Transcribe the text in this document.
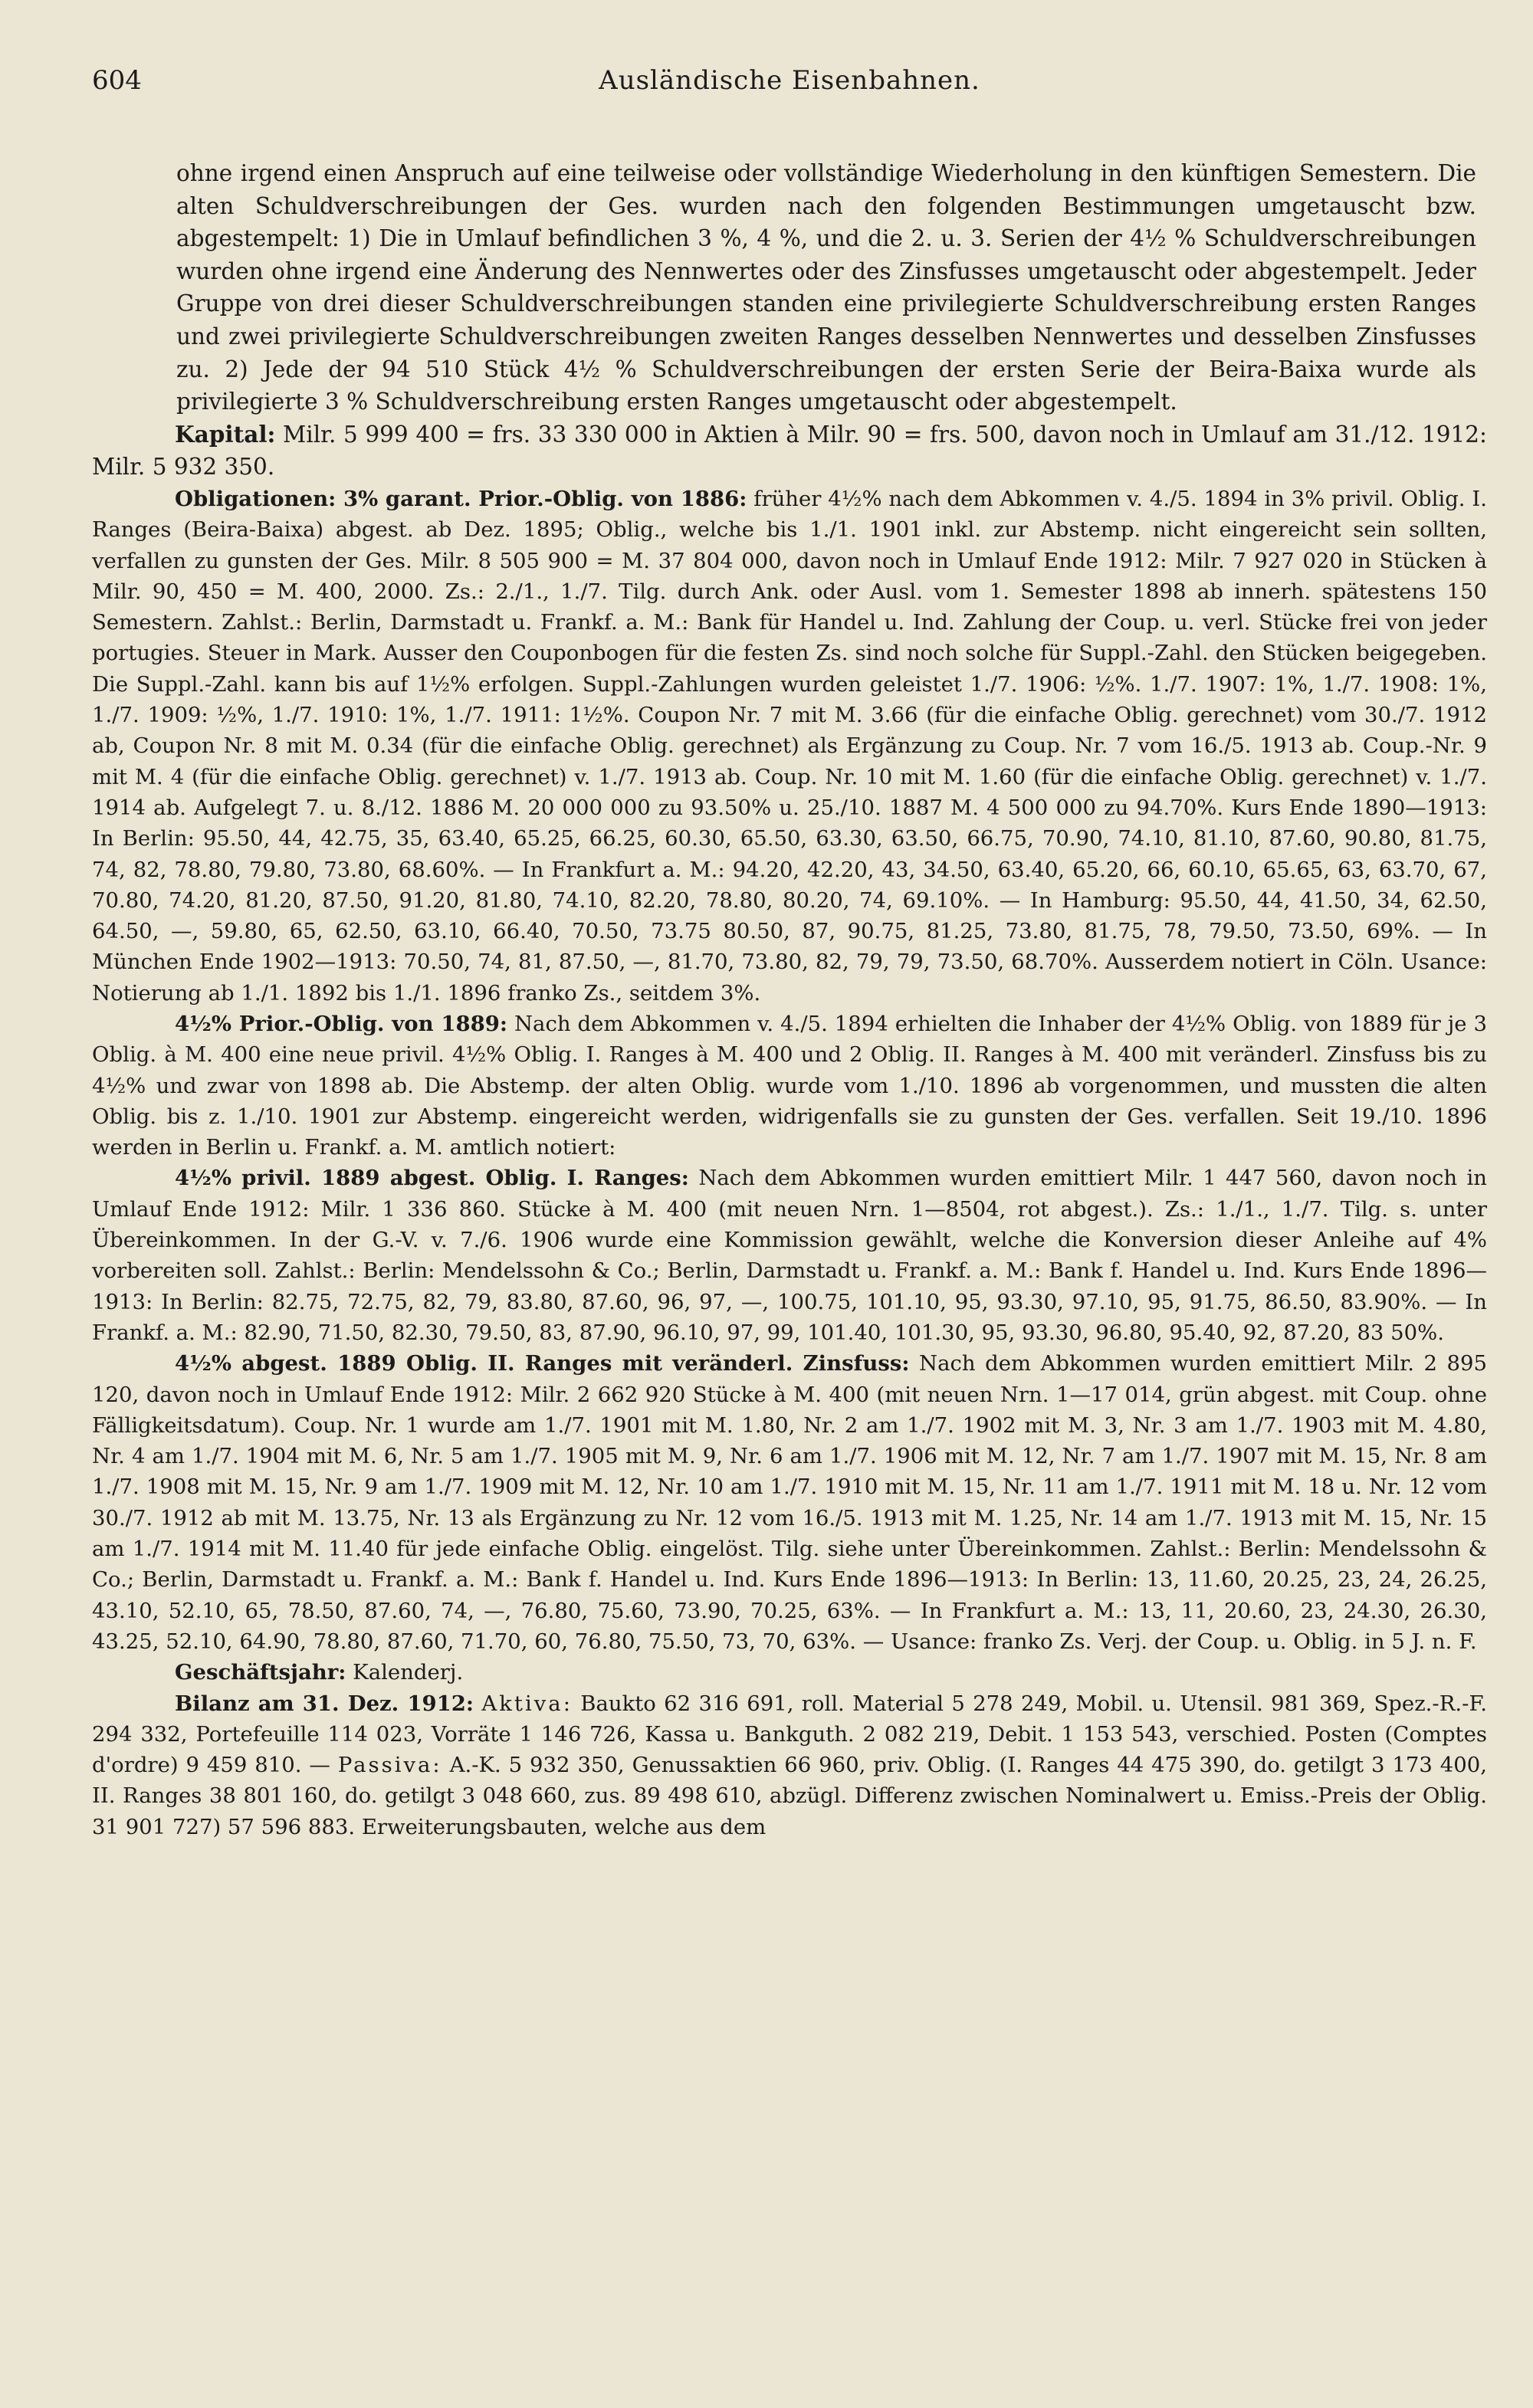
604	Ausländische Eisenbahnen.

ohne irgend einen Anspruch auf eine teilweise oder vollständige Wiederholung in den künftigen Semestern. Die alten Schuldverschreibungen der Ges. wurden nach den folgenden Bestimmungen umgetauscht bzw. abgestempelt: 1) Die in Umlauf befindlichen 3 %, 4 %, und die 2. u. 3. Serien der 4½ % Schuldverschreibungen wurden ohne irgend eine Änderung des Nennwertes oder des Zinsfusses umgetauscht oder abgestempelt. Jeder Gruppe von drei dieser Schuldverschreibungen standen eine privilegierte Schuldverschreibung ersten Ranges und zwei privilegierte Schuldverschreibungen zweiten Ranges desselben Nennwertes und desselben Zinsfusses zu. 2) Jede der 94 510 Stück 4½ % Schuldverschreibungen der ersten Serie der Beira-Baixa wurde als privilegierte 3 % Schuldverschreibung ersten Ranges umgetauscht oder abgestempelt.

Kapital: Milr. 5 999 400 = frs. 33 330 000 in Aktien à Milr. 90 = frs. 500, davon noch in Umlauf am 31./12. 1912: Milr. 5 932 350.

Obligationen: 3% garant. Prior.-Oblig. von 1886: früher 4½% nach dem Abkommen v. 4./5. 1894 in 3% privil. Oblig. I. Ranges (Beira-Baixa) abgest. ab Dez. 1895; Oblig., welche bis 1./1. 1901 inkl. zur Abstemp. nicht eingereicht sein sollten, verfallen zu gunsten der Ges. Milr. 8 505 900 = M. 37 804 000, davon noch in Umlauf Ende 1912: Milr. 7 927 020 in Stücken à Milr. 90, 450 = M. 400, 2000. Zs.: 2./1., 1./7. Tilg. durch Ank. oder Ausl. vom 1. Semester 1898 ab innerh. spätestens 150 Semestern. Zahlst.: Berlin, Darmstadt u. Frankf. a. M.: Bank für Handel u. Ind. Zahlung der Coup. u. verl. Stücke frei von jeder portugies. Steuer in Mark. Ausser den Couponbogen für die festen Zs. sind noch solche für Suppl.-Zahl. den Stücken beigegeben. Die Suppl.-Zahl. kann bis auf 1½% erfolgen. Suppl.-Zahlungen wurden geleistet 1./7. 1906: ½%. 1./7. 1907: 1%, 1./7. 1908: 1%, 1./7. 1909: ½%, 1./7. 1910: 1%, 1./7. 1911: 1½%. Coupon Nr. 7 mit M. 3.66 (für die einfache Oblig. gerechnet) vom 30./7. 1912 ab, Coupon Nr. 8 mit M. 0.34 (für die einfache Oblig. gerechnet) als Ergänzung zu Coup. Nr. 7 vom 16./5. 1913 ab. Coup.-Nr. 9 mit M. 4 (für die einfache Oblig. gerechnet) v. 1./7. 1913 ab. Coup. Nr. 10 mit M. 1.60 (für die einfache Oblig. gerechnet) v. 1./7. 1914 ab. Aufgelegt 7. u. 8./12. 1886 M. 20 000 000 zu 93.50% u. 25./10. 1887 M. 4 500 000 zu 94.70%. Kurs Ende 1890—1913: In Berlin: 95.50, 44, 42.75, 35, 63.40, 65.25, 66.25, 60.30, 65.50, 63.30, 63.50, 66.75, 70.90, 74.10, 81.10, 87.60, 90.80, 81.75, 74, 82, 78.80, 79.80, 73.80, 68.60%. — In Frankfurt a. M.: 94.20, 42.20, 43, 34.50, 63.40, 65.20, 66, 60.10, 65.65, 63, 63.70, 67, 70.80, 74.20, 81.20, 87.50, 91.20, 81.80, 74.10, 82.20, 78.80, 80.20, 74, 69.10%. — In Hamburg: 95.50, 44, 41.50, 34, 62.50, 64.50, —, 59.80, 65, 62.50, 63.10, 66.40, 70.50, 73.75 80.50, 87, 90.75, 81.25, 73.80, 81.75, 78, 79.50, 73.50, 69%. — In München Ende 1902—1913: 70.50, 74, 81, 87.50, —, 81.70, 73.80, 82, 79, 79, 73.50, 68.70%. Ausserdem notiert in Cöln. Usance: Notierung ab 1./1. 1892 bis 1./1. 1896 franko Zs., seitdem 3%.

4½% Prior.-Oblig. von 1889: Nach dem Abkommen v. 4./5. 1894 erhielten die Inhaber der 4½% Oblig. von 1889 für je 3 Oblig. à M. 400 eine neue privil. 4½% Oblig. I. Ranges à M. 400 und 2 Oblig. II. Ranges à M. 400 mit veränderl. Zinsfuss bis zu 4½% und zwar von 1898 ab. Die Abstemp. der alten Oblig. wurde vom 1./10. 1896 ab vorgenommen, und mussten die alten Oblig. bis z. 1./10. 1901 zur Abstemp. eingereicht werden, widrigenfalls sie zu gunsten der Ges. verfallen. Seit 19./10. 1896 werden in Berlin u. Frankf. a. M. amtlich notiert:

4½% privil. 1889 abgest. Oblig. I. Ranges: Nach dem Abkommen wurden emittiert Milr. 1 447 560, davon noch in Umlauf Ende 1912: Milr. 1 336 860. Stücke à M. 400 (mit neuen Nrn. 1—8504, rot abgest.). Zs.: 1./1., 1./7. Tilg. s. unter Übereinkommen. In der G.-V. v. 7./6. 1906 wurde eine Kommission gewählt, welche die Konversion dieser Anleihe auf 4% vorbereiten soll. Zahlst.: Berlin: Mendelssohn & Co.; Berlin, Darmstadt u. Frankf. a. M.: Bank f. Handel u. Ind. Kurs Ende 1896—1913: In Berlin: 82.75, 72.75, 82, 79, 83.80, 87.60, 96, 97, —, 100.75, 101.10, 95, 93.30, 97.10, 95, 91.75, 86.50, 83.90%. — In Frankf. a. M.: 82.90, 71.50, 82.30, 79.50, 83, 87.90, 96.10, 97, 99, 101.40, 101.30, 95, 93.30, 96.80, 95.40, 92, 87.20, 83 50%.

4½% abgest. 1889 Oblig. II. Ranges mit veränderl. Zinsfuss: Nach dem Abkommen wurden emittiert Milr. 2 895 120, davon noch in Umlauf Ende 1912: Milr. 2 662 920 Stücke à M. 400 (mit neuen Nrn. 1—17 014, grün abgest. mit Coup. ohne Fälligkeitsdatum). Coup. Nr. 1 wurde am 1./7. 1901 mit M. 1.80, Nr. 2 am 1./7. 1902 mit M. 3, Nr. 3 am 1./7. 1903 mit M. 4.80, Nr. 4 am 1./7. 1904 mit M. 6, Nr. 5 am 1./7. 1905 mit M. 9, Nr. 6 am 1./7. 1906 mit M. 12, Nr. 7 am 1./7. 1907 mit M. 15, Nr. 8 am 1./7. 1908 mit M. 15, Nr. 9 am 1./7. 1909 mit M. 12, Nr. 10 am 1./7. 1910 mit M. 15, Nr. 11 am 1./7. 1911 mit M. 18 u. Nr. 12 vom 30./7. 1912 ab mit M. 13.75, Nr. 13 als Ergänzung zu Nr. 12 vom 16./5. 1913 mit M. 1.25, Nr. 14 am 1./7. 1913 mit M. 15, Nr. 15 am 1./7. 1914 mit M. 11.40 für jede einfache Oblig. eingelöst. Tilg. siehe unter Übereinkommen. Zahlst.: Berlin: Mendelssohn & Co.; Berlin, Darmstadt u. Frankf. a. M.: Bank f. Handel u. Ind. Kurs Ende 1896—1913: In Berlin: 13, 11.60, 20.25, 23, 24, 26.25, 43.10, 52.10, 65, 78.50, 87.60, 74, —, 76.80, 75.60, 73.90, 70.25, 63%. — In Frankfurt a. M.: 13, 11, 20.60, 23, 24.30, 26.30, 43.25, 52.10, 64.90, 78.80, 87.60, 71.70, 60, 76.80, 75.50, 73, 70, 63%. — Usance: franko Zs. Verj. der Coup. u. Oblig. in 5 J. n. F.

Geschäftsjahr: Kalenderj.

Bilanz am 31. Dez. 1912: Aktiva: Baukto 62 316 691, roll. Material 5 278 249, Mobil. u. Utensil. 981 369, Spez.-R.-F. 294 332, Portefeuille 114 023, Vorräte 1 146 726, Kassa u. Bankguth. 2 082 219, Debit. 1 153 543, verschied. Posten (Comptes d'ordre) 9 459 810. — Passiva: A.-K. 5 932 350, Genussaktien 66 960, priv. Oblig. (I. Ranges 44 475 390, do. getilgt 3 173 400, II. Ranges 38 801 160, do. getilgt 3 048 660, zus. 89 498 610, abzügl. Differenz zwischen Nominalwert u. Emiss.-Preis der Oblig. 31 901 727) 57 596 883. Erweiterungsbauten, welche aus dem
